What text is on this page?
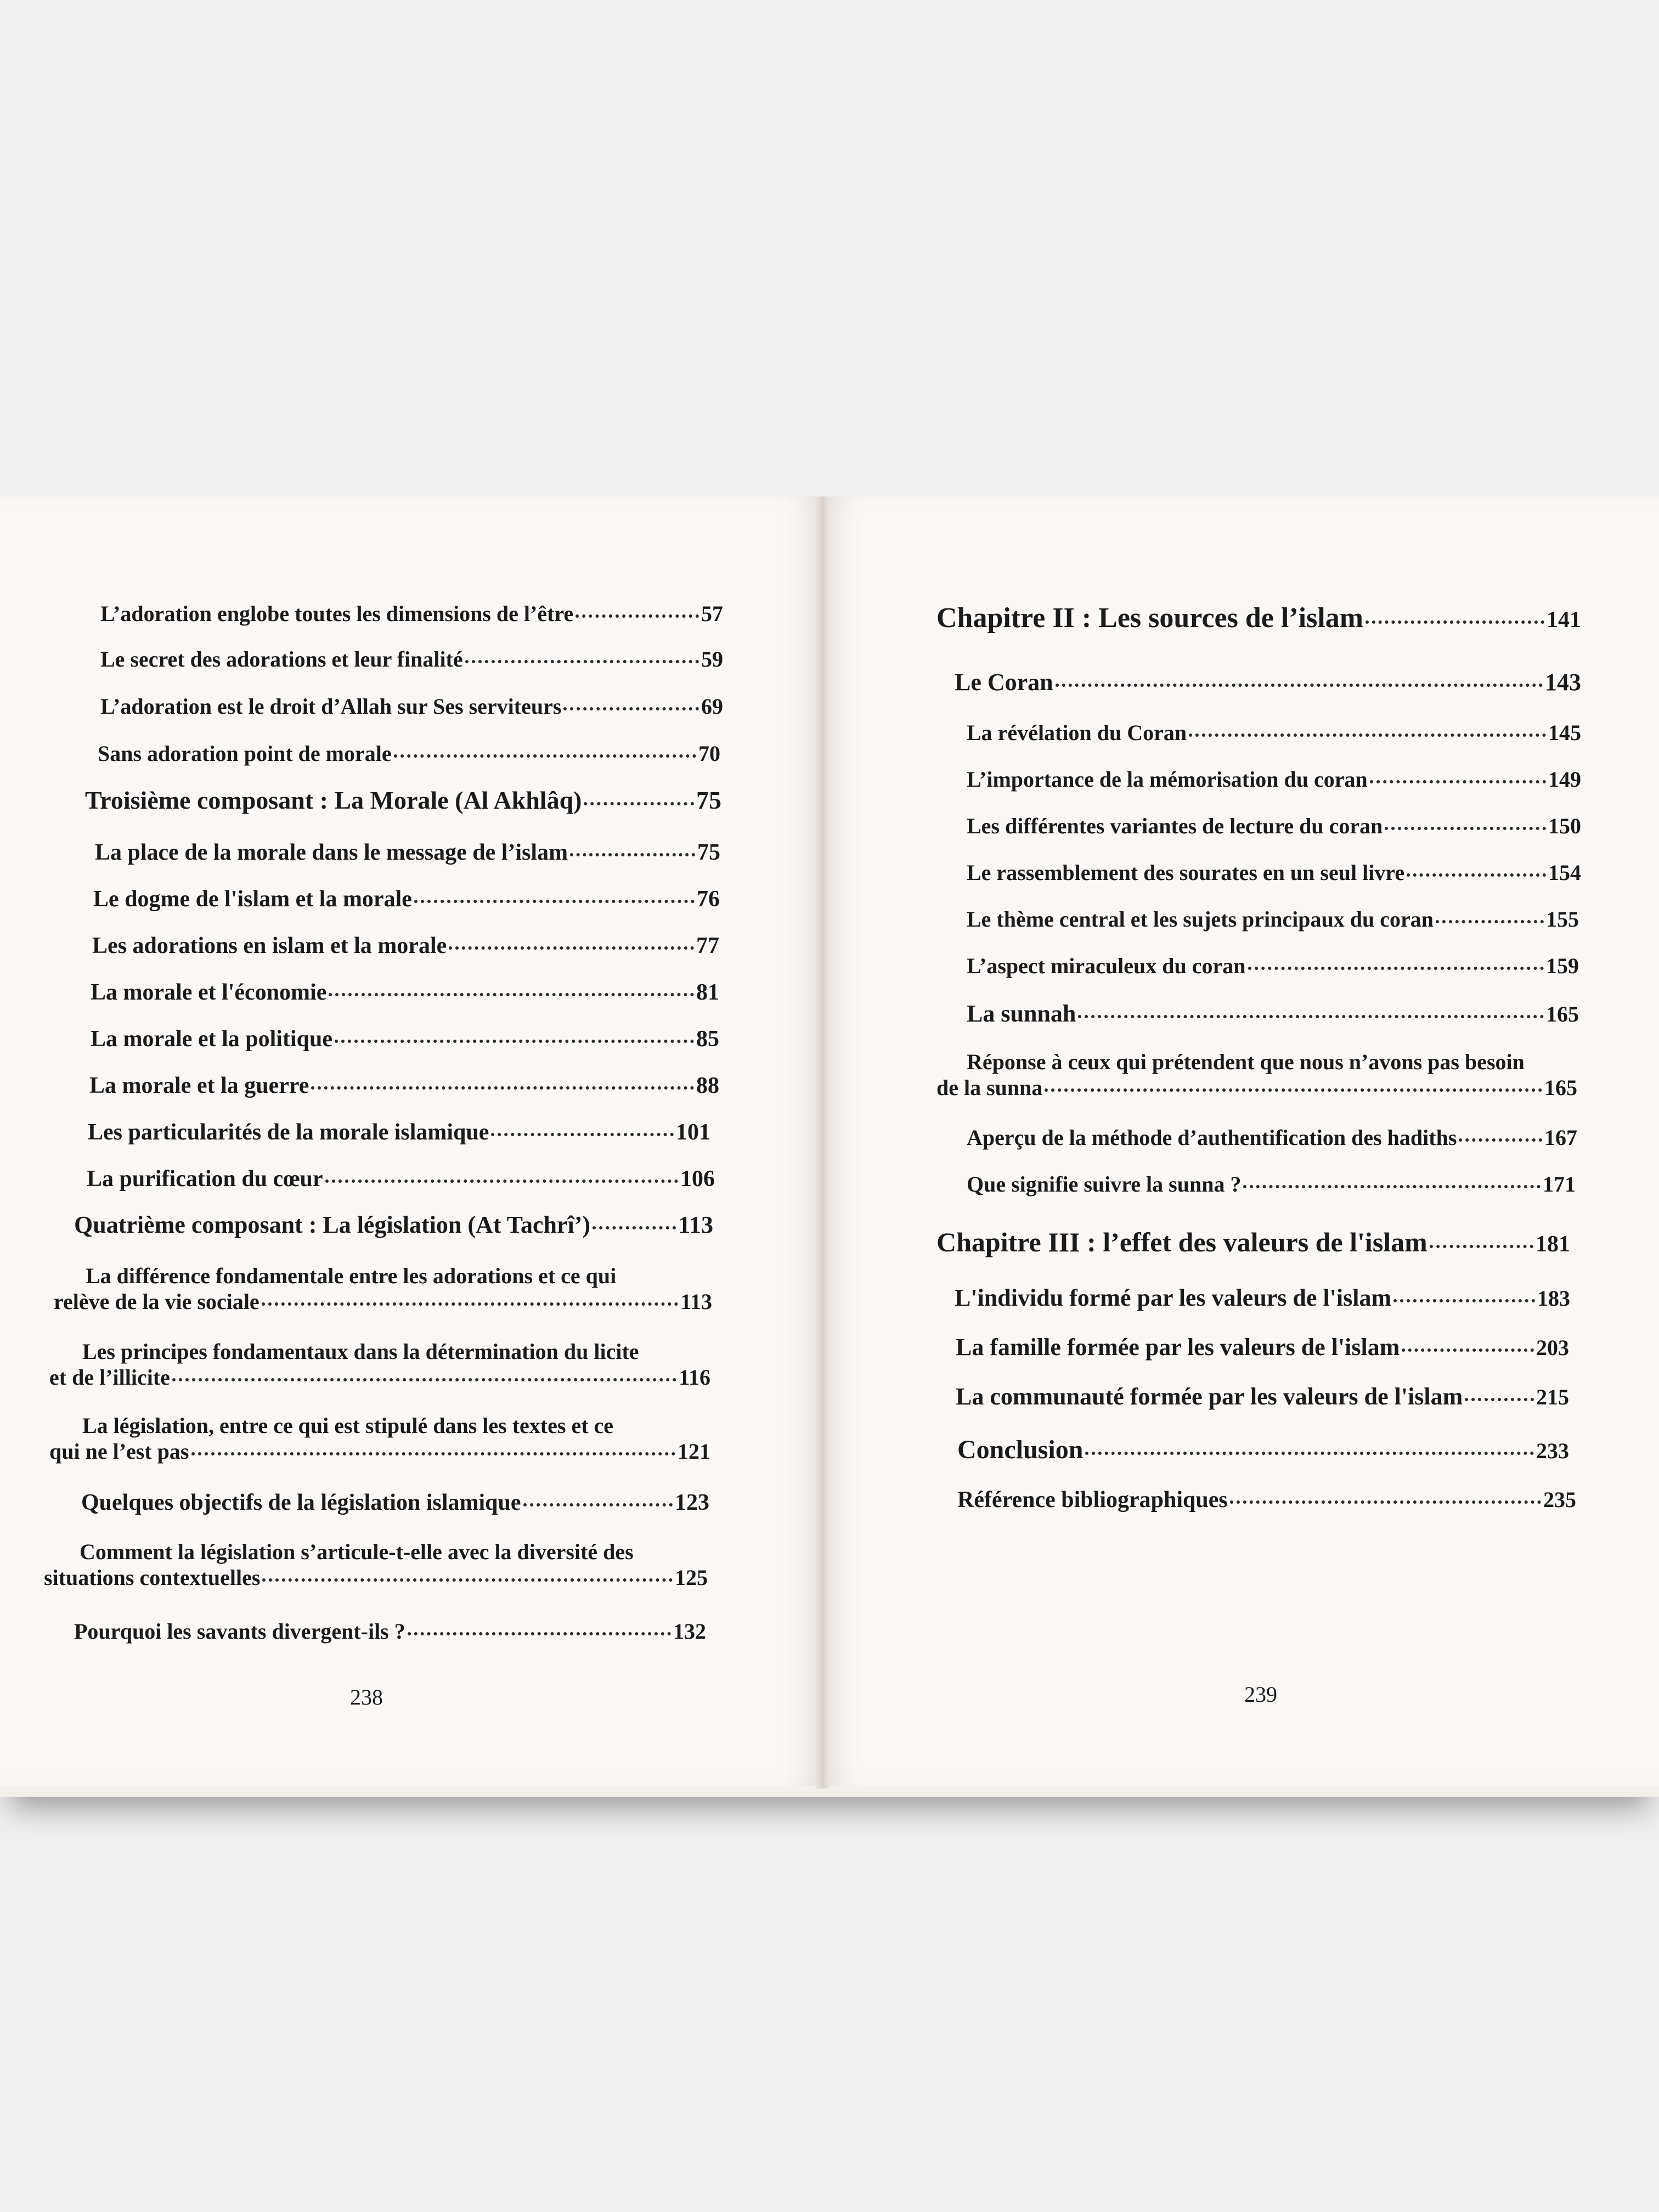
L’adoration englobe toutes les dimensions de l’être	57
Le secret des adorations et leur finalité	59
L’adoration est le droit d’Allah sur Ses serviteurs	69
Sans adoration point de morale	70
Troisième composant : La Morale (Al Akhlâq)	75
La place de la morale dans le message de l’islam	75
Le dogme de l'islam et la morale	76
Les adorations en islam et la morale	77
La morale et l'économie	81
La morale et la politique	85
La morale et la guerre	88
Les particularités de la morale islamique	101
La purification du cœur	106
Quatrième composant : La législation (At Tachrî’)	113
La différence fondamentale entre les adorations et ce qui
relève de la vie sociale	113
Les principes fondamentaux dans la détermination du licite
et de l’illicite	116
La législation, entre ce qui est stipulé dans les textes et ce
qui ne l’est pas	121
Quelques objectifs de la législation islamique	123
Comment la législation s’articule-t-elle avec la diversité des
situations contextuelles	125
Pourquoi les savants divergent-ils ?	132
238
Chapitre II : Les sources de l’islam	141
Le Coran	143
La révélation du Coran	145
L’importance de la mémorisation du coran	149
Les différentes variantes de lecture du coran	150
Le rassemblement des sourates en un seul livre	154
Le thème central et les sujets principaux du coran	155
L’aspect miraculeux du coran	159
La sunnah	165
Réponse à ceux qui prétendent que nous n’avons pas besoin
de la sunna	165
Aperçu de la méthode d’authentification des hadiths	167
Que signifie suivre la sunna ?	171
Chapitre III : l’effet des valeurs de l'islam	181
L'individu formé par les valeurs de l'islam	183
La famille formée par les valeurs de l'islam	203
La communauté formée par les valeurs de l'islam	215
Conclusion	233
Référence bibliographiques	235
239
